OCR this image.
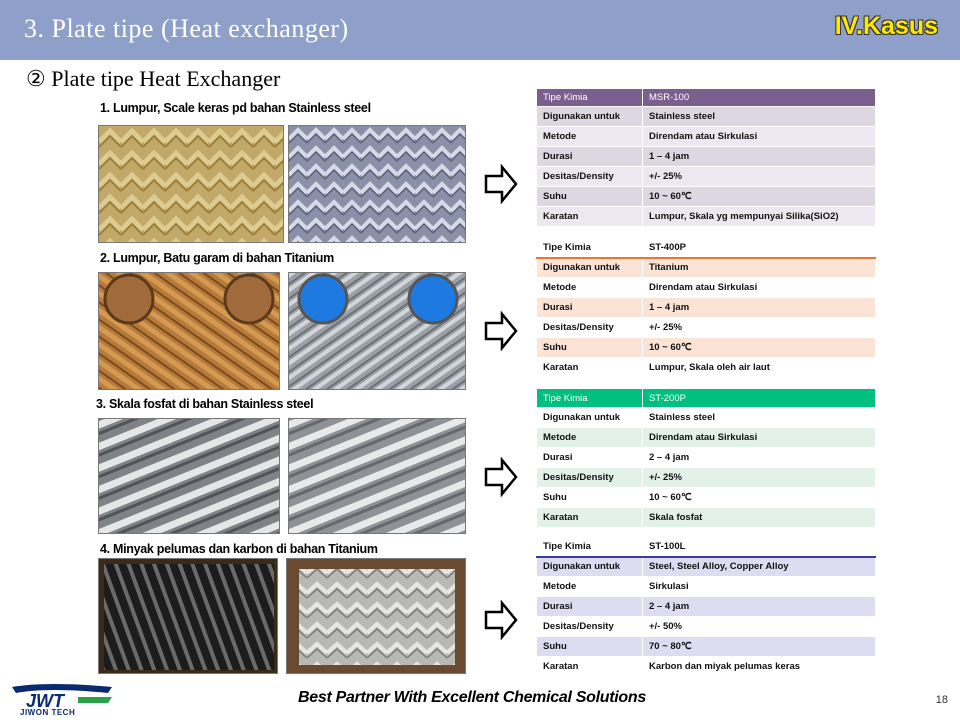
3. Plate tipe (Heat exchanger)	IV.Kasus
② Plate tipe Heat Exchanger
1. Lumpur, Scale keras pd bahan Stainless steel
2. Lumpur, Batu garam di bahan Titanium
3. Skala fosfat di bahan Stainless steel
4. Minyak pelumas dan karbon di bahan Titanium
Tipe Kimia	MSR-100
Digunakan untuk	Stainless steel
Metode	Direndam atau Sirkulasi
Durasi	1 – 4 jam
Desitas/Density	+/- 25%
Suhu	10 ~ 60℃
Karatan	Lumpur, Skala yg mempunyai Silika(SiO2)
Tipe Kimia	ST-400P
Digunakan untuk	Titanium
Metode	Direndam atau Sirkulasi
Durasi	1 – 4 jam
Desitas/Density	+/- 25%
Suhu	10 ~ 60℃
Karatan	Lumpur, Skala oleh air laut
Tipe Kimia	ST-200P
Digunakan untuk	Stainless steel
Metode	Direndam atau Sirkulasi
Durasi	2 – 4 jam
Desitas/Density	+/- 25%
Suhu	10 ~ 60℃
Karatan	Skala fosfat
Tipe Kimia	ST-100L
Digunakan untuk	Steel, Steel Alloy, Copper Alloy
Metode	Sirkulasi
Durasi	2 – 4 jam
Desitas/Density	+/- 50%
Suhu	70 ~ 80℃
Karatan	Karbon dan miyak pelumas keras
JWT
JIWON TECH
Best Partner With Excellent Chemical Solutions	18
